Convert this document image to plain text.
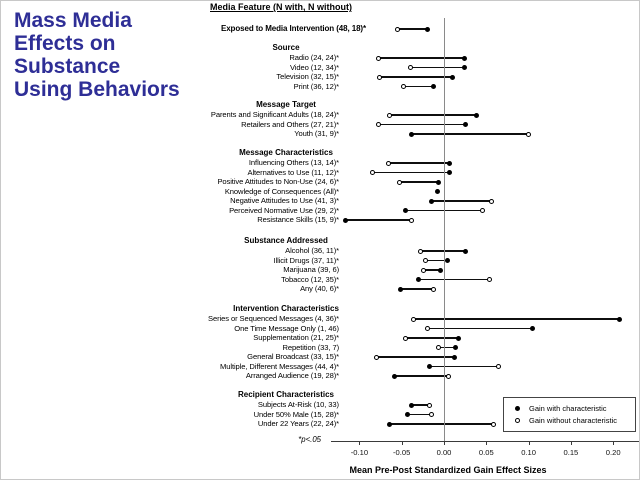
Mass Media
Effects on
Substance
Using Behaviors
Media Feature (N with, N without)
Exposed to Media Intervention (48, 18)*
Source
Radio (24, 24)*
Video (12, 34)*
Television (32, 15)*
Print (36, 12)*
Message Target
Parents and Significant Adults (18, 24)*
Retailers and Others (27, 21)*
Youth (31, 9)*
Message Characteristics
Influencing Others (13, 14)*
Alternatives to Use (11, 12)*
Positive Attitudes to Non-Use (24, 6)*
Knowledge of Consequences (All)*
Negative Attitudes to Use (41, 3)*
Perceived Normative Use (29, 2)*
Resistance Skills (15, 9)*
Substance Addressed
Alcohol (36, 11)*
Illicit Drugs (37, 11)*
Marijuana (39, 6)
Tobacco (12, 35)*
Any (40, 6)*
Intervention Characteristics
Series or Sequenced Messages (4, 36)*
One Time Message Only (1, 46)
Supplementation (21, 25)*
Repetition (33, 7)
General Broadcast (33, 15)*
Multiple, Different Messages (44, 4)*
Arranged Audience (19, 28)*
Recipient Characteristics
Subjects At-Risk (10, 33)
Under 50% Male (15, 28)*
Under 22 Years (22, 24)*
-0.10	-0.05	0.00	0.05	0.10	0.15	0.20
*p<.05
Mean Pre-Post Standardized Gain Effect Sizes
Gain with characteristic
Gain without characteristic
